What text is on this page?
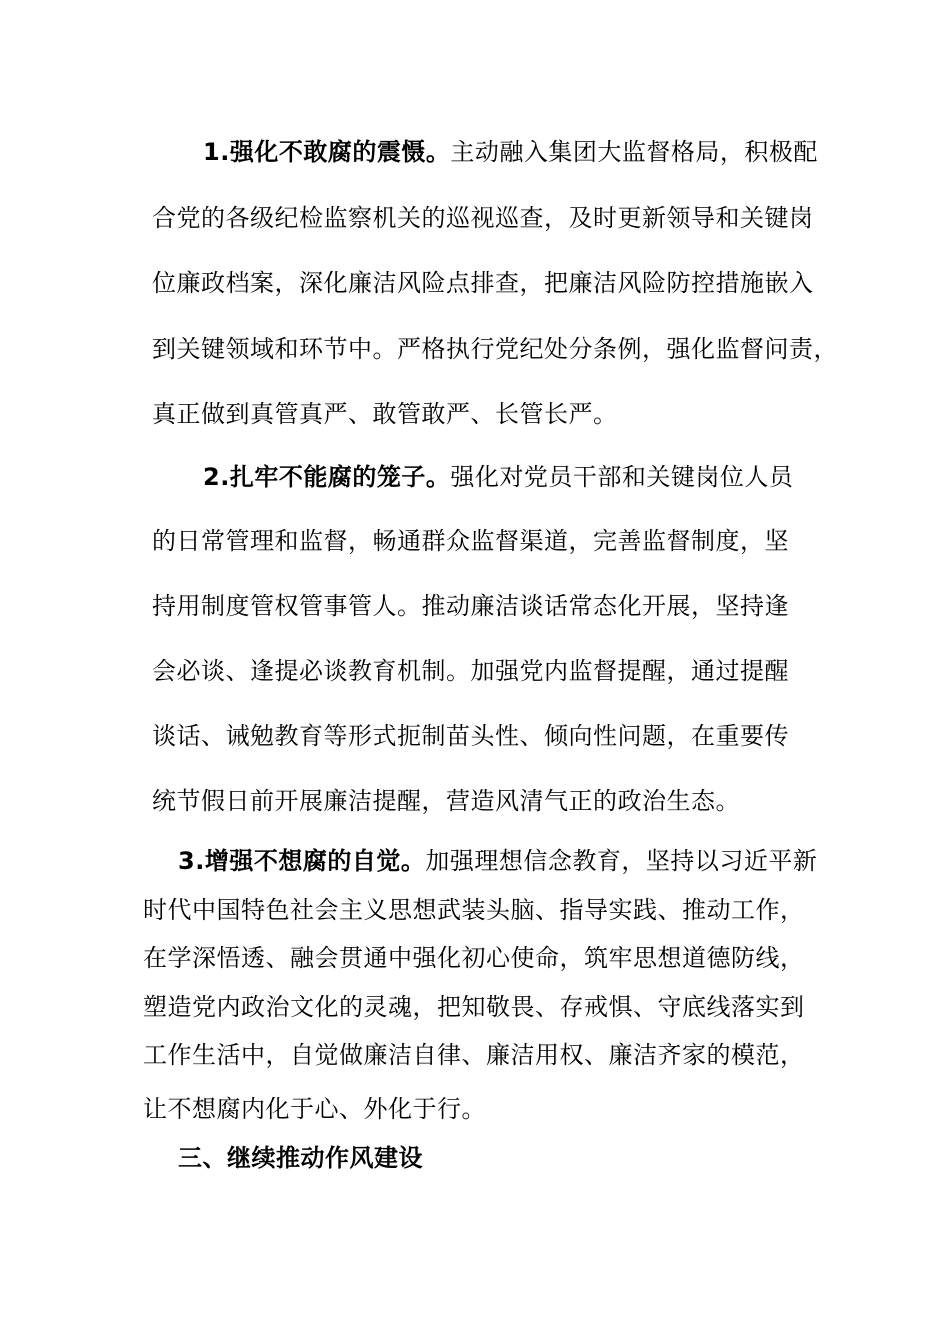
1.强化不敢腐的震慑。主动融入集团大监督格局，积极配
合党的各级纪检监察机关的巡视巡查，及时更新领导和关键岗
位廉政档案，深化廉洁风险点排查，把廉洁风险防控措施嵌入
到关键领域和环节中。严格执行党纪处分条例，强化监督问责，
真正做到真管真严、敢管敢严、长管长严。
2.扎牢不能腐的笼子。强化对党员干部和关键岗位人员
的日常管理和监督，畅通群众监督渠道，完善监督制度，坚
持用制度管权管事管人。推动廉洁谈话常态化开展，坚持逢
会必谈、逢提必谈教育机制。加强党内监督提醒，通过提醒
谈话、诫勉教育等形式扼制苗头性、倾向性问题，在重要传
统节假日前开展廉洁提醒，营造风清气正的政治生态。
3.增强不想腐的自觉。加强理想信念教育，坚持以习近平新
时代中国特色社会主义思想武装头脑、指导实践、推动工作，
在学深悟透、融会贯通中强化初心使命，筑牢思想道德防线，
塑造党内政治文化的灵魂，把知敬畏、存戒惧、守底线落实到
工作生活中，自觉做廉洁自律、廉洁用权、廉洁齐家的模范，
让不想腐内化于心、外化于行。
三、继续推动作风建设
